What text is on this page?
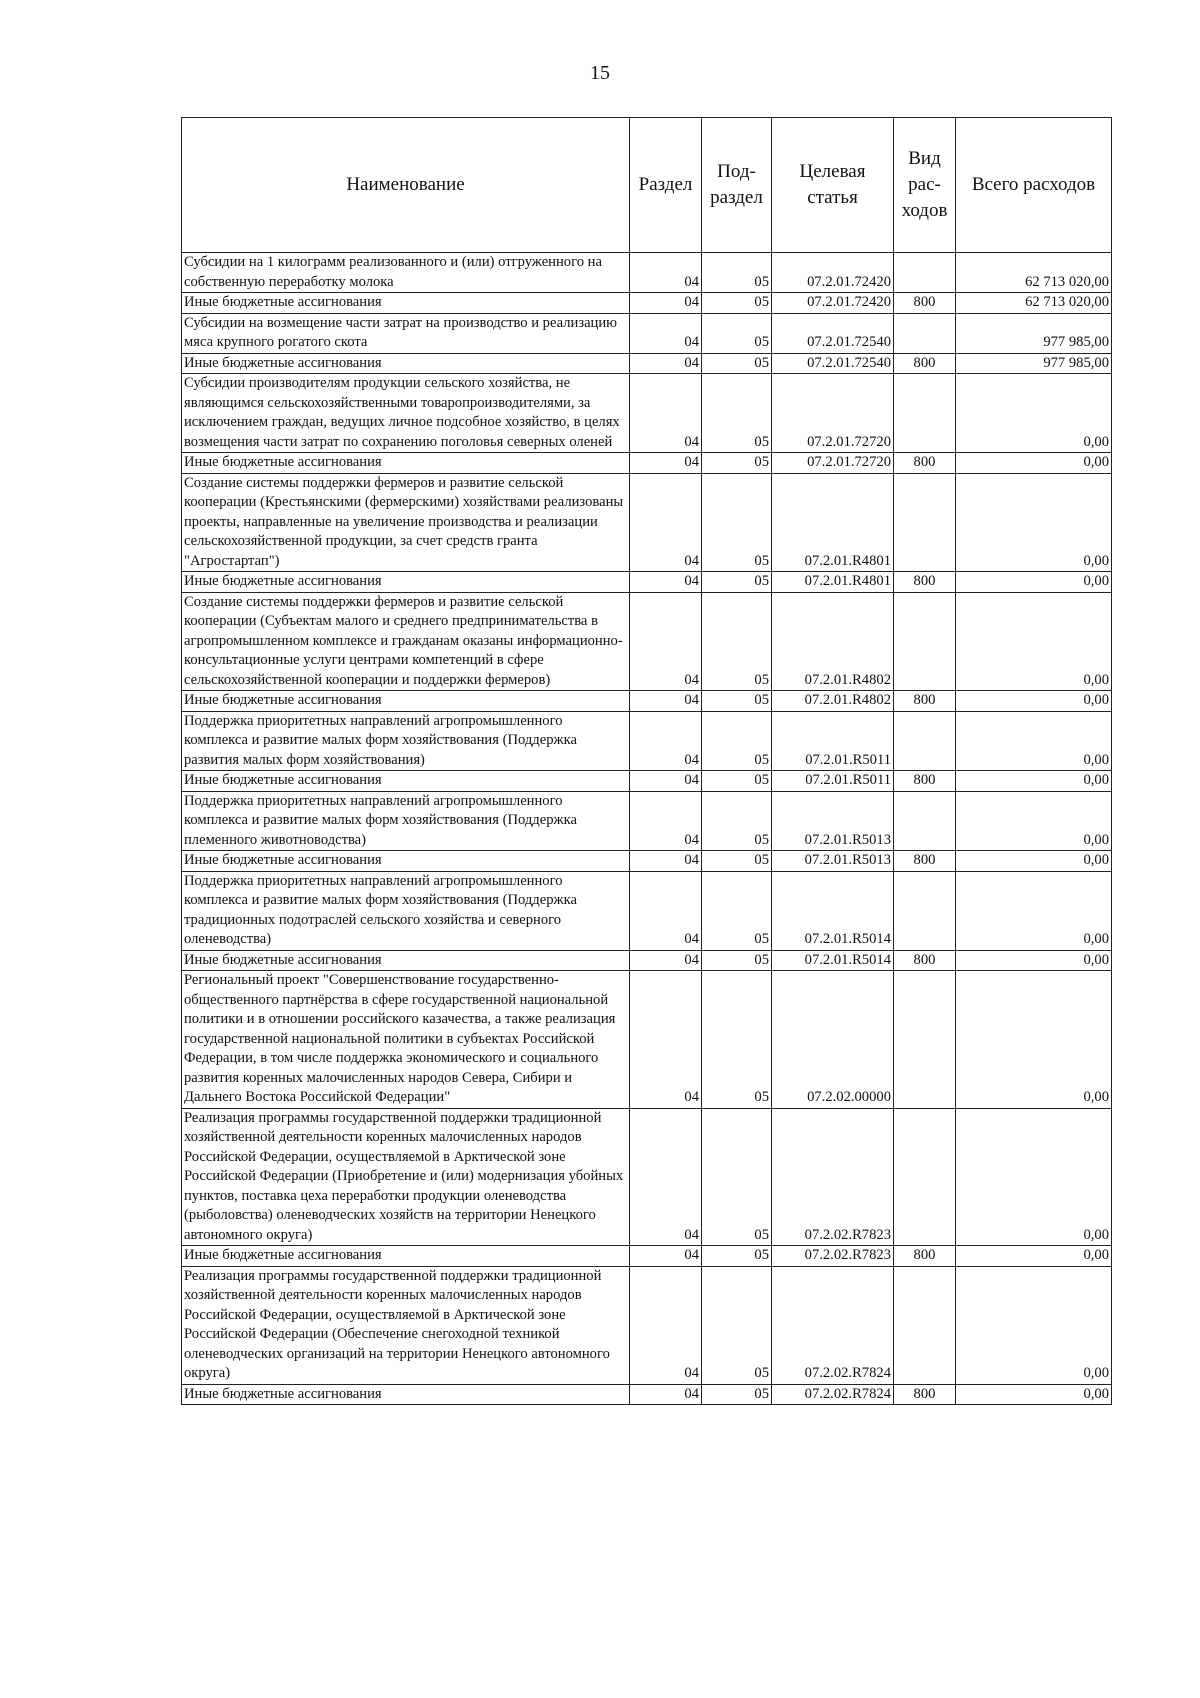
15
Наименование	Раздел	Под-раздел	Целевая статья	Вид рас-ходов	Всего расходов
Субсидии на 1 килограмм реализованного и (или) отгруженного на собственную переработку молока	04	05	07.2.01.72420		62 713 020,00
Иные бюджетные ассигнования	04	05	07.2.01.72420	800	62 713 020,00
Субсидии на возмещение части затрат на производство и реализацию мяса крупного рогатого скота	04	05	07.2.01.72540		977 985,00
Иные бюджетные ассигнования	04	05	07.2.01.72540	800	977 985,00
Субсидии производителям продукции сельского хозяйства, не являющимся сельскохозяйственными товаропроизводителями, за исключением граждан, ведущих личное подсобное хозяйство, в целях возмещения части затрат по сохранению поголовья северных оленей	04	05	07.2.01.72720		0,00
Иные бюджетные ассигнования	04	05	07.2.01.72720	800	0,00
Создание системы поддержки фермеров и развитие сельской кооперации (Крестьянскими (фермерскими) хозяйствами реализованы проекты, направленные на увеличение производства и реализации сельскохозяйственной продукции, за счет средств гранта "Агростартап")	04	05	07.2.01.R4801		0,00
Иные бюджетные ассигнования	04	05	07.2.01.R4801	800	0,00
Создание системы поддержки фермеров и развитие сельской кооперации (Субъектам малого и среднего предпринимательства в агропромышленном комплексе и гражданам оказаны информационно-консультационные услуги центрами компетенций в сфере сельскохозяйственной кооперации и поддержки фермеров)	04	05	07.2.01.R4802		0,00
Иные бюджетные ассигнования	04	05	07.2.01.R4802	800	0,00
Поддержка приоритетных направлений агропромышленного комплекса и развитие малых форм хозяйствования (Поддержка развития малых форм хозяйствования)	04	05	07.2.01.R5011		0,00
Иные бюджетные ассигнования	04	05	07.2.01.R5011	800	0,00
Поддержка приоритетных направлений агропромышленного комплекса и развитие малых форм хозяйствования (Поддержка племенного животноводства)	04	05	07.2.01.R5013		0,00
Иные бюджетные ассигнования	04	05	07.2.01.R5013	800	0,00
Поддержка приоритетных направлений агропромышленного комплекса и развитие малых форм хозяйствования (Поддержка традиционных подотраслей сельского хозяйства и северного оленеводства)	04	05	07.2.01.R5014		0,00
Иные бюджетные ассигнования	04	05	07.2.01.R5014	800	0,00
Региональный проект "Совершенствование государственно-общественного партнёрства в сфере государственной национальной политики и в отношении российского казачества, а также реализация государственной национальной политики в субъектах Российской Федерации, в том числе поддержка экономического и социального развития коренных малочисленных народов Севера, Сибири и Дальнего Востока Российской Федерации"	04	05	07.2.02.00000		0,00
Реализация программы государственной поддержки традиционной хозяйственной деятельности коренных малочисленных народов Российской Федерации, осуществляемой в Арктической зоне Российской Федерации (Приобретение и (или) модернизация убойных пунктов, поставка цеха переработки продукции оленеводства (рыболовства) оленеводческих хозяйств на территории Ненецкого автономного округа)	04	05	07.2.02.R7823		0,00
Иные бюджетные ассигнования	04	05	07.2.02.R7823	800	0,00
Реализация программы государственной поддержки традиционной хозяйственной деятельности коренных малочисленных народов Российской Федерации, осуществляемой в Арктической зоне Российской Федерации (Обеспечение снегоходной техникой оленеводческих организаций на территории Ненецкого автономного округа)	04	05	07.2.02.R7824		0,00
Иные бюджетные ассигнования	04	05	07.2.02.R7824	800	0,00
